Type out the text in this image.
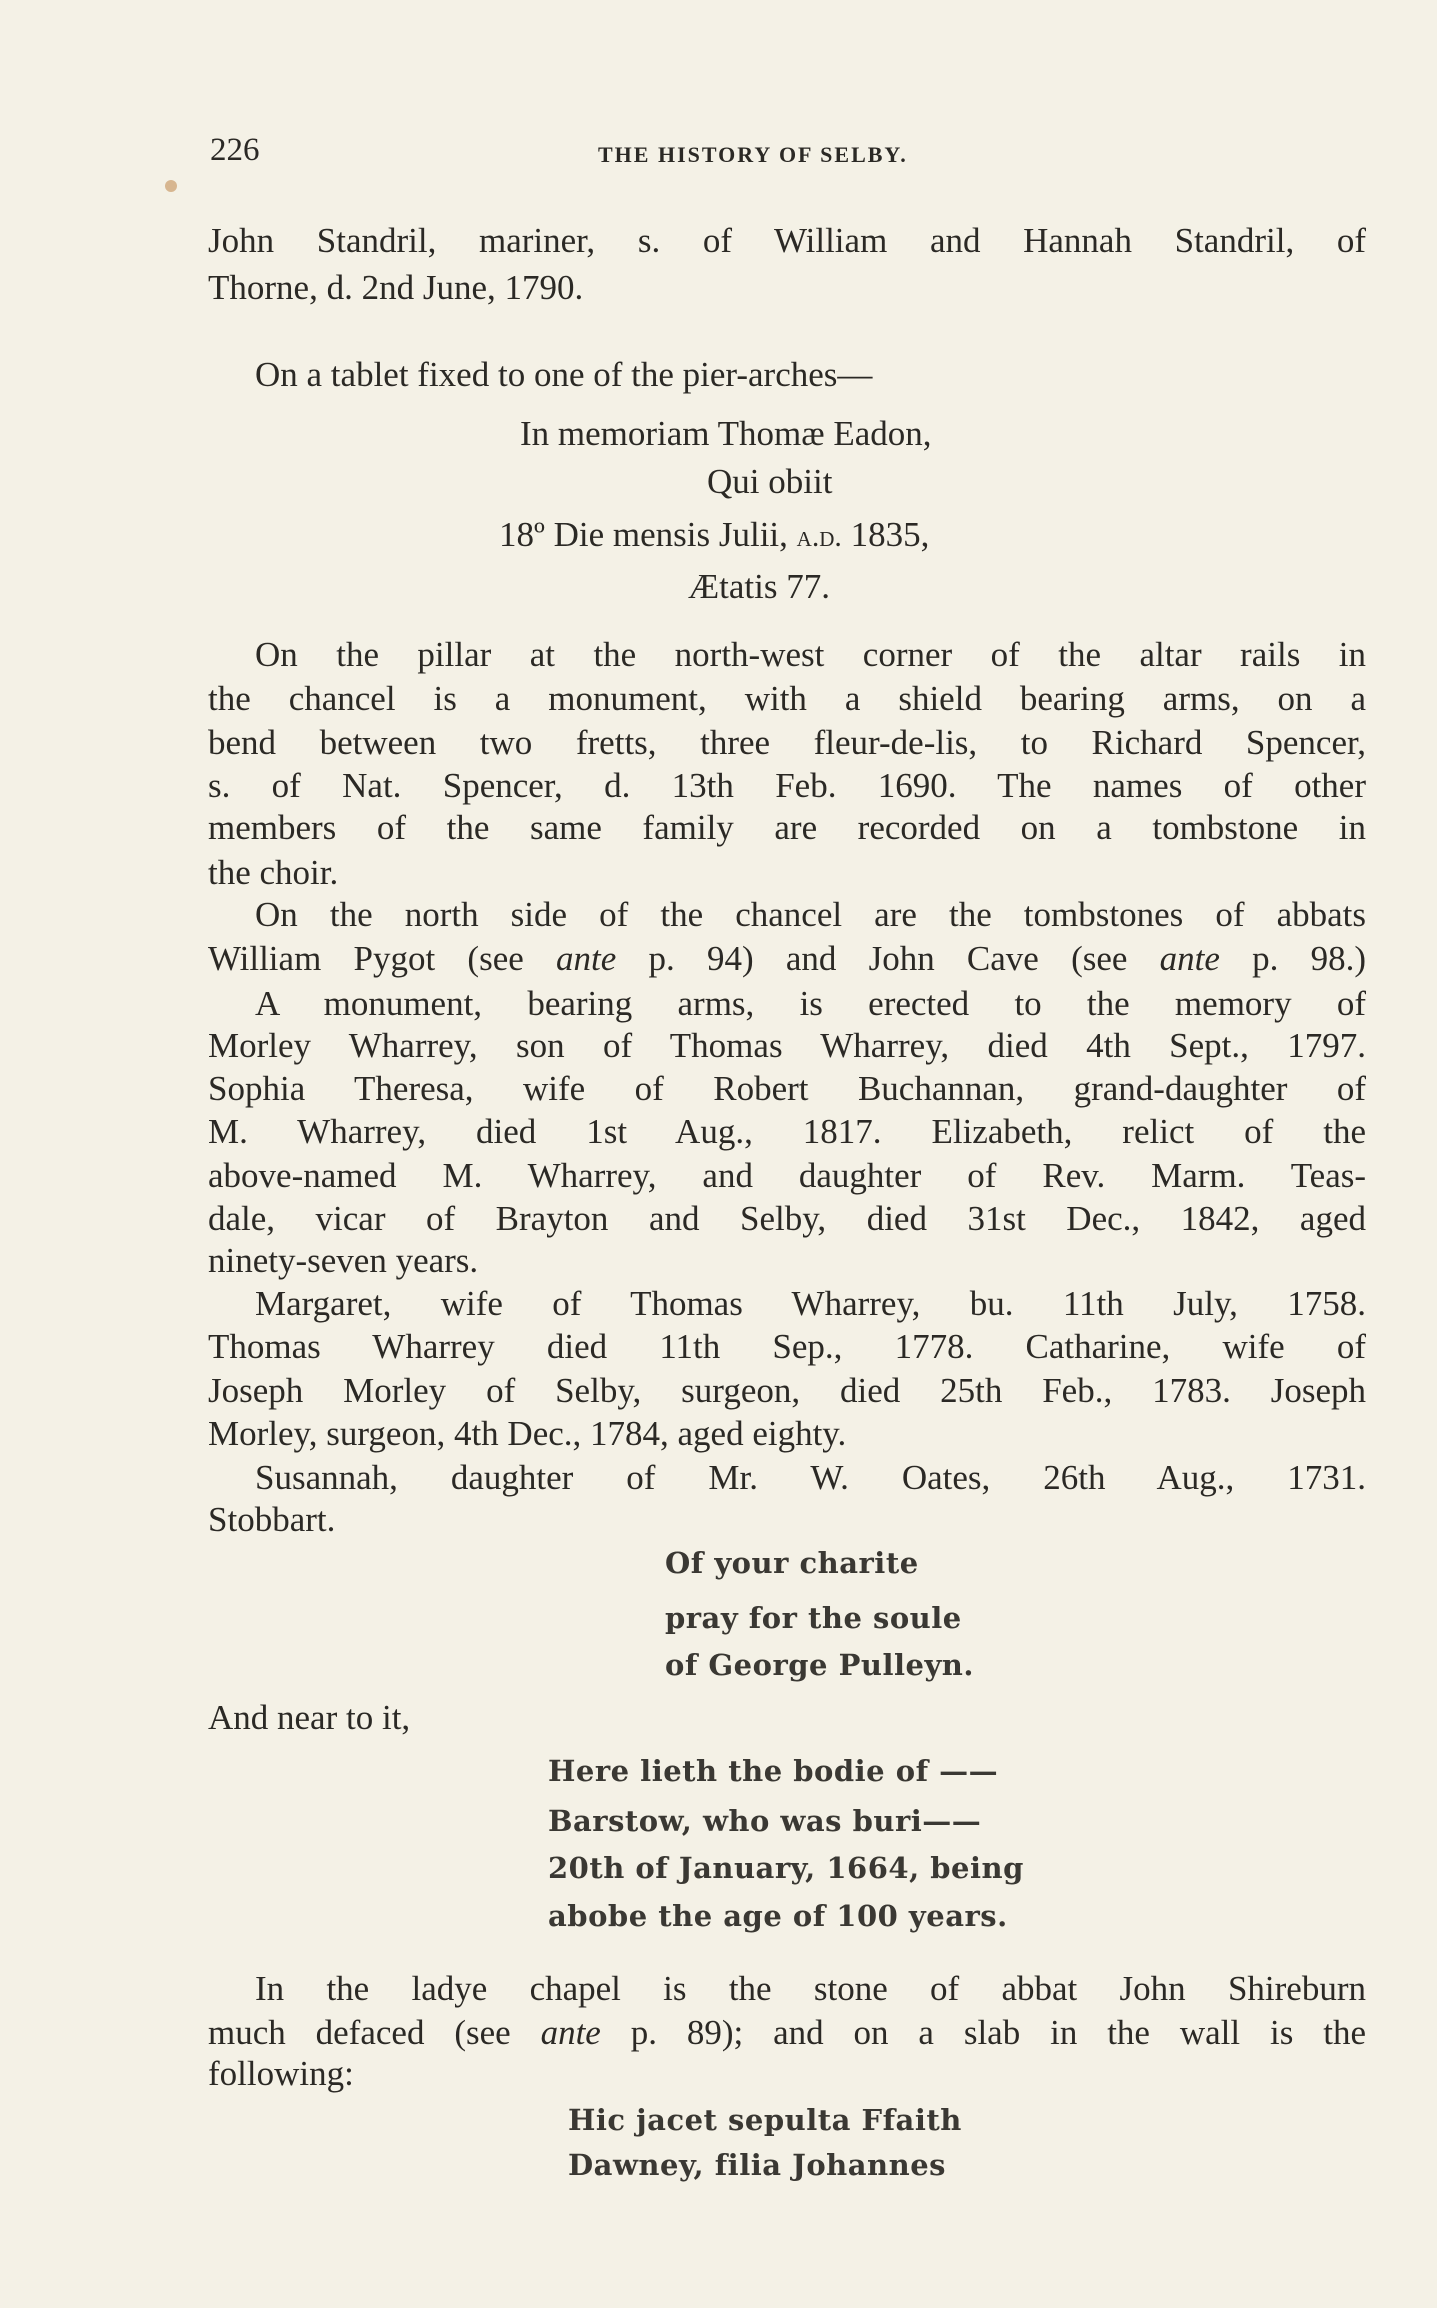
226	THE HISTORY OF SELBY.
John Standril, mariner, s. of William and Hannah Standril, of
Thorne, d. 2nd June, 1790.
On a tablet fixed to one of the pier-arches—
In memoriam Thomæ Eadon,
Qui obiit
18º Die mensis Julii, a.d. 1835,
Ætatis 77.
On the pillar at the north-west corner of the altar rails in
the chancel is a monument, with a shield bearing arms, on a
bend between two fretts, three fleur-de-lis, to Richard Spencer,
s. of Nat. Spencer, d. 13th Feb. 1690. The names of other
members of the same family are recorded on a tombstone in
the choir.
On the north side of the chancel are the tombstones of abbats
William Pygot (see ante p. 94) and John Cave (see ante p. 98.)
A monument, bearing arms, is erected to the memory of
Morley Wharrey, son of Thomas Wharrey, died 4th Sept., 1797.
Sophia Theresa, wife of Robert Buchannan, grand-daughter of
M. Wharrey, died 1st Aug., 1817. Elizabeth, relict of the
above-named M. Wharrey, and daughter of Rev. Marm. Teas-
dale, vicar of Brayton and Selby, died 31st Dec., 1842, aged
ninety-seven years.
Margaret, wife of Thomas Wharrey, bu. 11th July, 1758.
Thomas Wharrey died 11th Sep., 1778. Catharine, wife of
Joseph Morley of Selby, surgeon, died 25th Feb., 1783. Joseph
Morley, surgeon, 4th Dec., 1784, aged eighty.
Susannah, daughter of Mr. W. Oates, 26th Aug., 1731.
Stobbart.
Of your charite
pray for the soule
of George Pulleyn.
And near to it,
Here lieth the bodie of ——
Barstow, who was buri——
20th of January, 1664, being
abobe the age of 100 years.
In the ladye chapel is the stone of abbat John Shireburn
much defaced (see ante p. 89); and on a slab in the wall is the
following:
Hic jacet sepulta Ffaith
Dawney, filia Johannes
